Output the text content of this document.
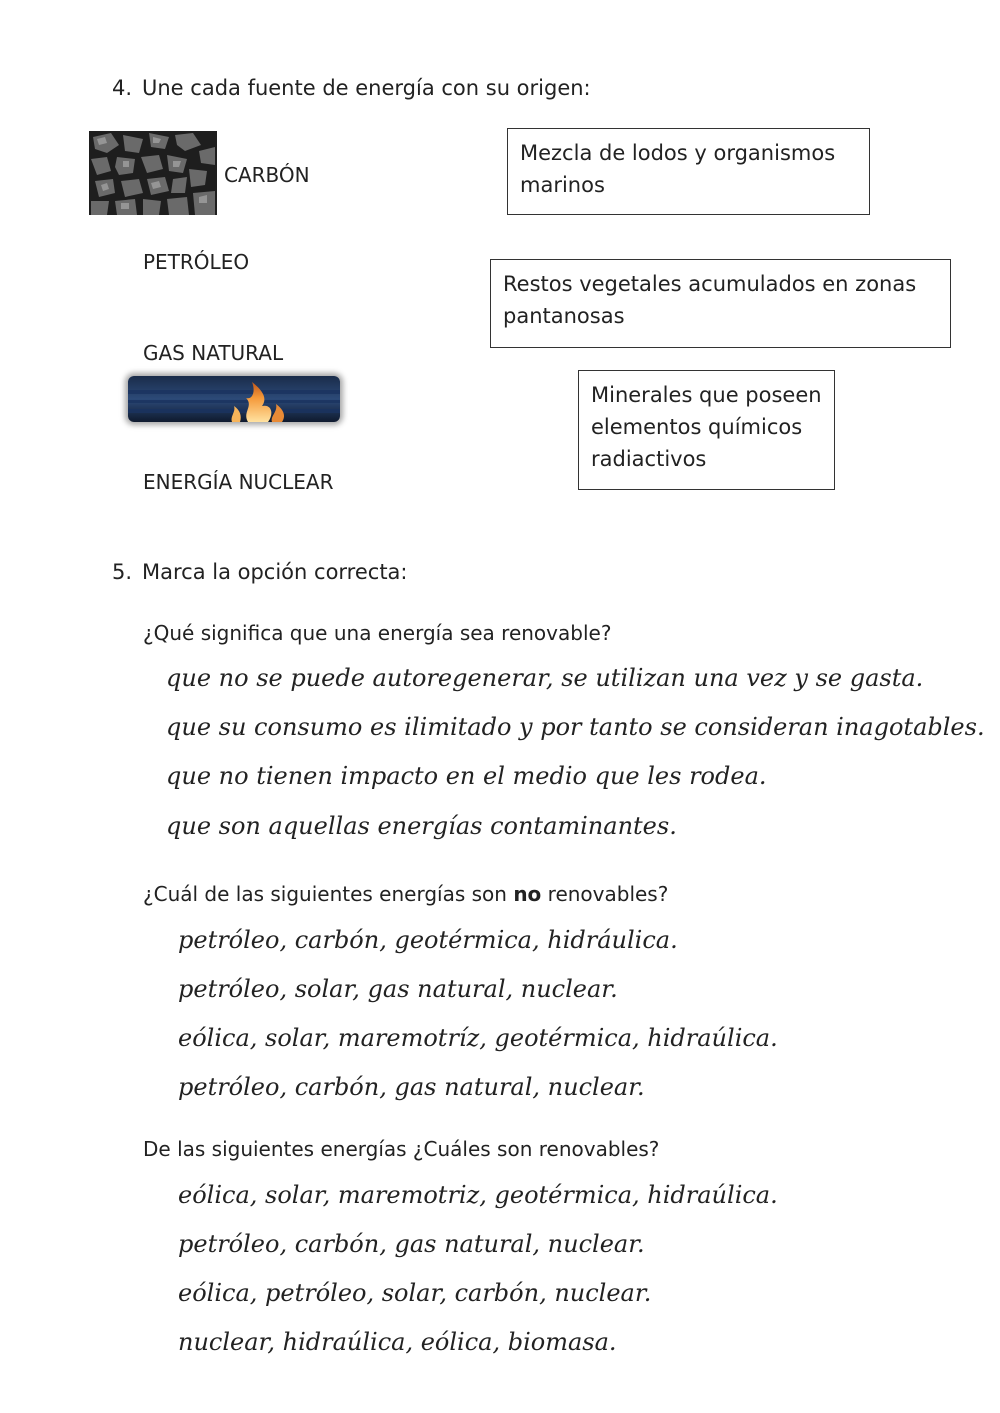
4. Une cada fuente de energía con su origen:
CARBÓN
PETRÓLEO
GAS NATURAL
ENERGÍA NUCLEAR
Mezcla de lodos y organismos
marinos
Restos vegetales acumulados en zonas
pantanosas
Minerales que poseen
elementos químicos
radiactivos
5. Marca la opción correcta:
¿Qué significa que una energía sea renovable?
que no se puede autoregenerar, se utilizan una vez y se gasta.
que su consumo es ilimitado y por tanto se consideran inagotables.
que no tienen impacto en el medio que les rodea.
que son aquellas energías contaminantes.
¿Cuál de las siguientes energías son no renovables?
petróleo, carbón, geotérmica, hidráulica.
petróleo, solar, gas natural, nuclear.
eólica, solar, maremotríz, geotérmica, hidraúlica.
petróleo, carbón, gas natural, nuclear.
De las siguientes energías ¿Cuáles son renovables?
eólica, solar, maremotriz, geotérmica, hidraúlica.
petróleo, carbón, gas natural, nuclear.
eólica, petróleo, solar, carbón, nuclear.
nuclear, hidraúlica, eólica, biomasa.
